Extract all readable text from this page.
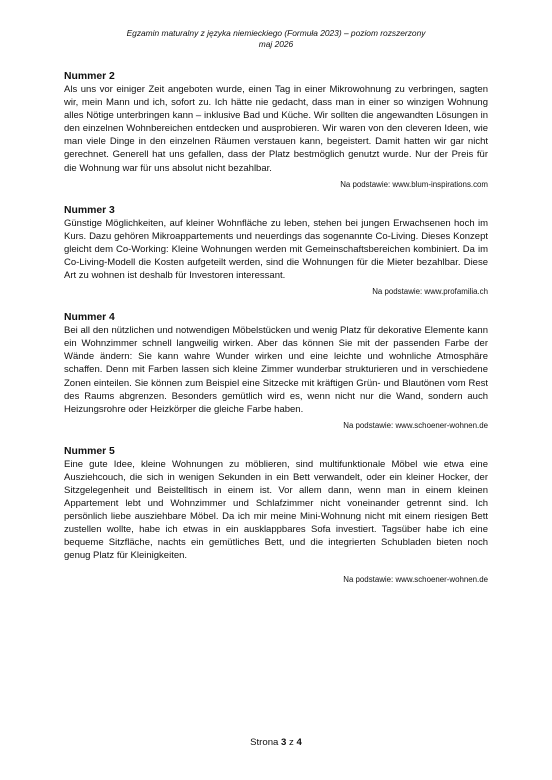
Egzamin maturalny z języka niemieckiego (Formuła 2023) – poziom rozszerzony
maj 2026
Nummer 2
Als uns vor einiger Zeit angeboten wurde, einen Tag in einer Mikrowohnung zu verbringen, sagten wir, mein Mann und ich, sofort zu. Ich hätte nie gedacht, dass man in einer so winzigen Wohnung alles Nötige unterbringen kann – inklusive Bad und Küche. Wir sollten die angewandten Lösungen in den einzelnen Wohnbereichen entdecken und ausprobieren. Wir waren von den cleveren Ideen, wie man viele Dinge in den einzelnen Räumen verstauen kann, begeistert. Damit hatten wir gar nicht gerechnet. Generell hat uns gefallen, dass der Platz bestmöglich genutzt wurde. Nur der Preis für die Wohnung war für uns absolut nicht bezahlbar.
Na podstawie: www.blum-inspirations.com
Nummer 3
Günstige Möglichkeiten, auf kleiner Wohnfläche zu leben, stehen bei jungen Erwachsenen hoch im Kurs. Dazu gehören Mikroappartements und neuerdings das sogenannte Co-Living. Dieses Konzept gleicht dem Co-Working: Kleine Wohnungen werden mit Gemeinschaftsbereichen kombiniert. Da im Co-Living-Modell die Kosten aufgeteilt werden, sind die Wohnungen für die Mieter bezahlbar. Diese Art zu wohnen ist deshalb für Investoren interessant.
Na podstawie: www.profamilia.ch
Nummer 4
Bei all den nützlichen und notwendigen Möbelstücken und wenig Platz für dekorative Elemente kann ein Wohnzimmer schnell langweilig wirken. Aber das können Sie mit der passenden Farbe der Wände ändern: Sie kann wahre Wunder wirken und eine leichte und wohnliche Atmosphäre schaffen. Denn mit Farben lassen sich kleine Zimmer wunderbar strukturieren und in verschiedene Zonen einteilen. Sie können zum Beispiel eine Sitzecke mit kräftigen Grün- und Blautönen vom Rest des Raums abgrenzen. Besonders gemütlich wird es, wenn nicht nur die Wand, sondern auch Heizungsrohre oder Heizkörper die gleiche Farbe haben.
Na podstawie: www.schoener-wohnen.de
Nummer 5
Eine gute Idee, kleine Wohnungen zu möblieren, sind multifunktionale Möbel wie etwa eine Ausziehcouch, die sich in wenigen Sekunden in ein Bett verwandelt, oder ein kleiner Hocker, der Sitzgelegenheit und Beistelltisch in einem ist. Vor allem dann, wenn man in einem kleinen Appartement lebt und Wohnzimmer und Schlafzimmer nicht voneinander getrennt sind. Ich persönlich liebe ausziehbare Möbel. Da ich mir meine Mini-Wohnung nicht mit einem riesigen Bett zustellen wollte, habe ich etwas in ein ausklappbares Sofa investiert. Tagsüber habe ich eine bequeme Sitzfläche, nachts ein gemütliches Bett, und die integrierten Schubladen bieten noch genug Platz für Kleinigkeiten.
Na podstawie: www.schoener-wohnen.de
Strona 3 z 4
